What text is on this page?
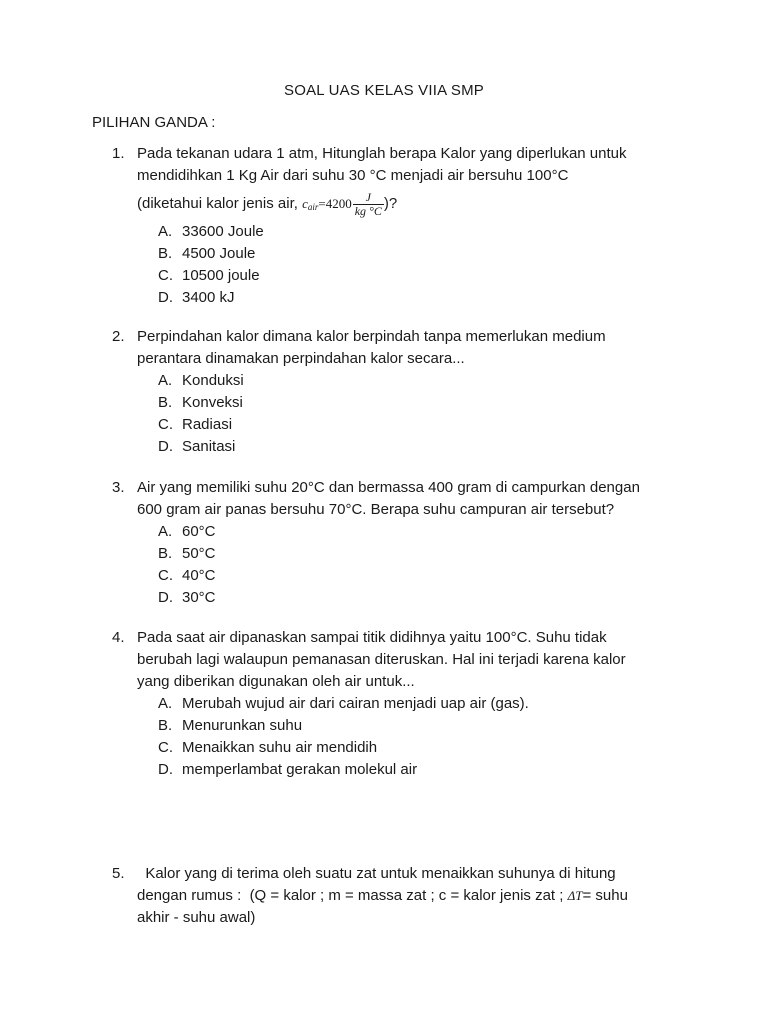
SOAL UAS KELAS VIIA SMP
PILIHAN GANDA :
1. Pada tekanan udara 1 atm, Hitunglah berapa Kalor yang diperlukan untuk
mendidihkan 1 Kg Air dari suhu 30 °C menjadi air bersuhu 100°C
(diketahui kalor jenis air, $c_{air}=4200 \frac{J}{kg ^\circ C}$ )?
A. 33600 Joule
B. 4500 Joule
C. 10500 joule
D. 3400 kJ
2. Perpindahan kalor dimana kalor berpindah tanpa memerlukan medium
perantara dinamakan perpindahan kalor secara...
A. Konduksi
B. Konveksi
C. Radiasi
D. Sanitasi
3. Air yang memiliki suhu 20°C dan bermassa 400 gram di campurkan dengan
600 gram air panas bersuhu 70°C. Berapa suhu campuran air tersebut?
A. 60°C
B. 50°C
C. 40°C
D. 30°C
4. Pada saat air dipanaskan sampai titik didihnya yaitu 100°C. Suhu tidak
berubah lagi walaupun pemanasan diteruskan. Hal ini terjadi karena kalor
yang diberikan digunakan oleh air untuk...
A. Merubah wujud air dari cairan menjadi uap air (gas).
B. Menurunkan suhu
C. Menaikkan suhu air mendidih
D. memperlambat gerakan molekul air
5. Kalor yang di terima oleh suatu zat untuk menaikkan suhunya di hitung
dengan rumus :  (Q = kalor ; m = massa zat ; c = kalor jenis zat ; ΔT= suhu
akhir - suhu awal)
